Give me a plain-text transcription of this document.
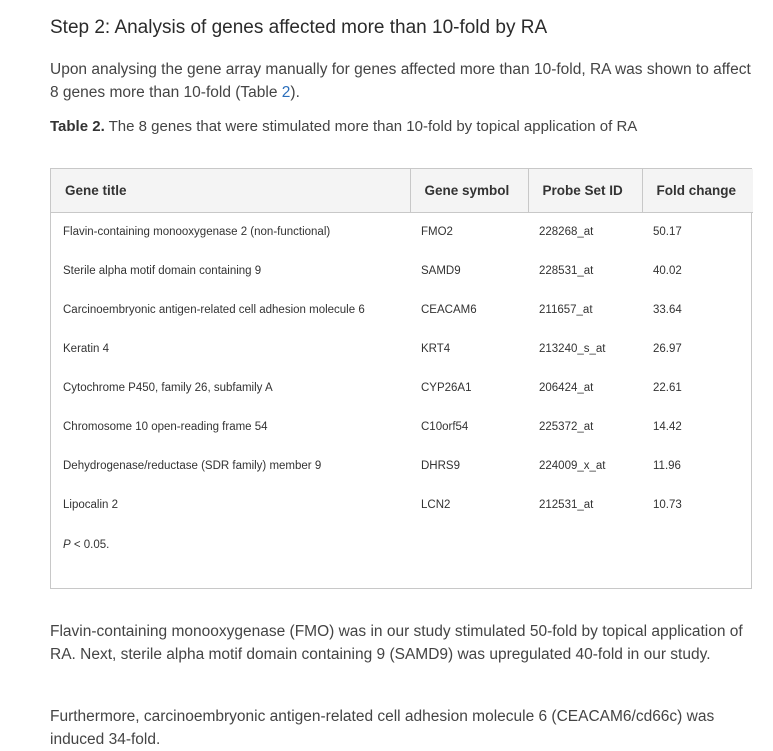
Step 2: Analysis of genes affected more than 10-fold by RA

Upon analysing the gene array manually for genes affected more than 10-fold, RA was shown to affect 8 genes more than 10-fold (Table 2).

Table 2. The 8 genes that were stimulated more than 10-fold by topical application of RA
Gene title	Gene symbol	Probe Set ID	Fold change
Flavin-containing monooxygenase 2 (non-functional)	FMO2	228268_at	50.17
Sterile alpha motif domain containing 9	SAMD9	228531_at	40.02
Carcinoembryonic antigen-related cell adhesion molecule 6	CEACAM6	211657_at	33.64
Keratin 4	KRT4	213240_s_at	26.97
Cytochrome P450, family 26, subfamily A	CYP26A1	206424_at	22.61
Chromosome 10 open-reading frame 54	C10orf54	225372_at	14.42
Dehydrogenase/reductase (SDR family) member 9	DHRS9	224009_x_at	11.96
Lipocalin 2	LCN2	212531_at	10.73
P < 0.05.			

Flavin-containing monooxygenase (FMO) was in our study stimulated 50-fold by topical application of RA. Next, sterile alpha motif domain containing 9 (SAMD9) was upregulated 40-fold in our study.

Furthermore, carcinoembryonic antigen-related cell adhesion molecule 6 (CEACAM6/cd66c) was induced 34-fold.
